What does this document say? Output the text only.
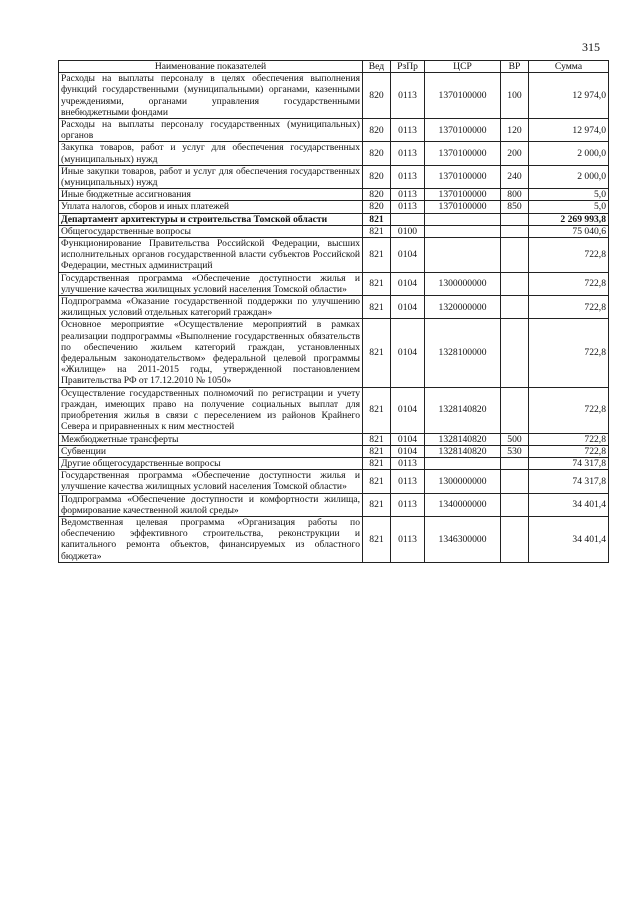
315
Наименование показателей	Вед	РзПр	ЦСР	ВР	Сумма
Расходы на выплаты персоналу в целях обеспечения выполнения функций государственными (муниципальными) органами, казенными учреждениями, органами управления государственными внебюджетными фондами	820	0113	1370100000	100	12 974,0
Расходы на выплаты персоналу государственных (муниципальных) органов	820	0113	1370100000	120	12 974,0
Закупка товаров, работ и услуг для обеспечения государственных (муниципальных) нужд	820	0113	1370100000	200	2 000,0
Иные закупки товаров, работ и услуг для обеспечения государственных (муниципальных) нужд	820	0113	1370100000	240	2 000,0
Иные бюджетные ассигнования	820	0113	1370100000	800	5,0
Уплата налогов, сборов и иных платежей	820	0113	1370100000	850	5,0
Департамент архитектуры и строительства Томской области	821				2 269 993,8
Общегосударственные вопросы	821	0100			75 040,6
Функционирование Правительства Российской Федерации, высших исполнительных органов государственной власти субъектов Российской Федерации, местных администраций	821	0104			722,8
Государственная программа «Обеспечение доступности жилья и улучшение качества жилищных условий населения Томской области»	821	0104	1300000000		722,8
Подпрограмма «Оказание государственной поддержки по улучшению жилищных условий отдельных категорий граждан»	821	0104	1320000000		722,8
Основное мероприятие «Осуществление мероприятий в рамках реализации подпрограммы «Выполнение государственных обязательств по обеспечению жильем категорий граждан, установленных федеральным законодательством» федеральной целевой программы «Жилище» на 2011-2015 годы, утвержденной постановлением Правительства РФ от 17.12.2010 № 1050»	821	0104	1328100000		722,8
Осуществление государственных полномочий по регистрации и учету граждан, имеющих право на получение социальных выплат для приобретения жилья в связи с переселением из районов Крайнего Севера и приравненных к ним местностей	821	0104	1328140820		722,8
Межбюджетные трансферты	821	0104	1328140820	500	722,8
Субвенции	821	0104	1328140820	530	722,8
Другие общегосударственные вопросы	821	0113			74 317,8
Государственная программа «Обеспечение доступности жилья и улучшение качества жилищных условий населения Томской области»	821	0113	1300000000		74 317,8
Подпрограмма «Обеспечение доступности и комфортности жилища, формирование качественной жилой среды»	821	0113	1340000000		34 401,4
Ведомственная целевая программа «Организация работы по обеспечению эффективного строительства, реконструкции и капитального ремонта объектов, финансируемых из областного бюджета»	821	0113	1346300000		34 401,4
